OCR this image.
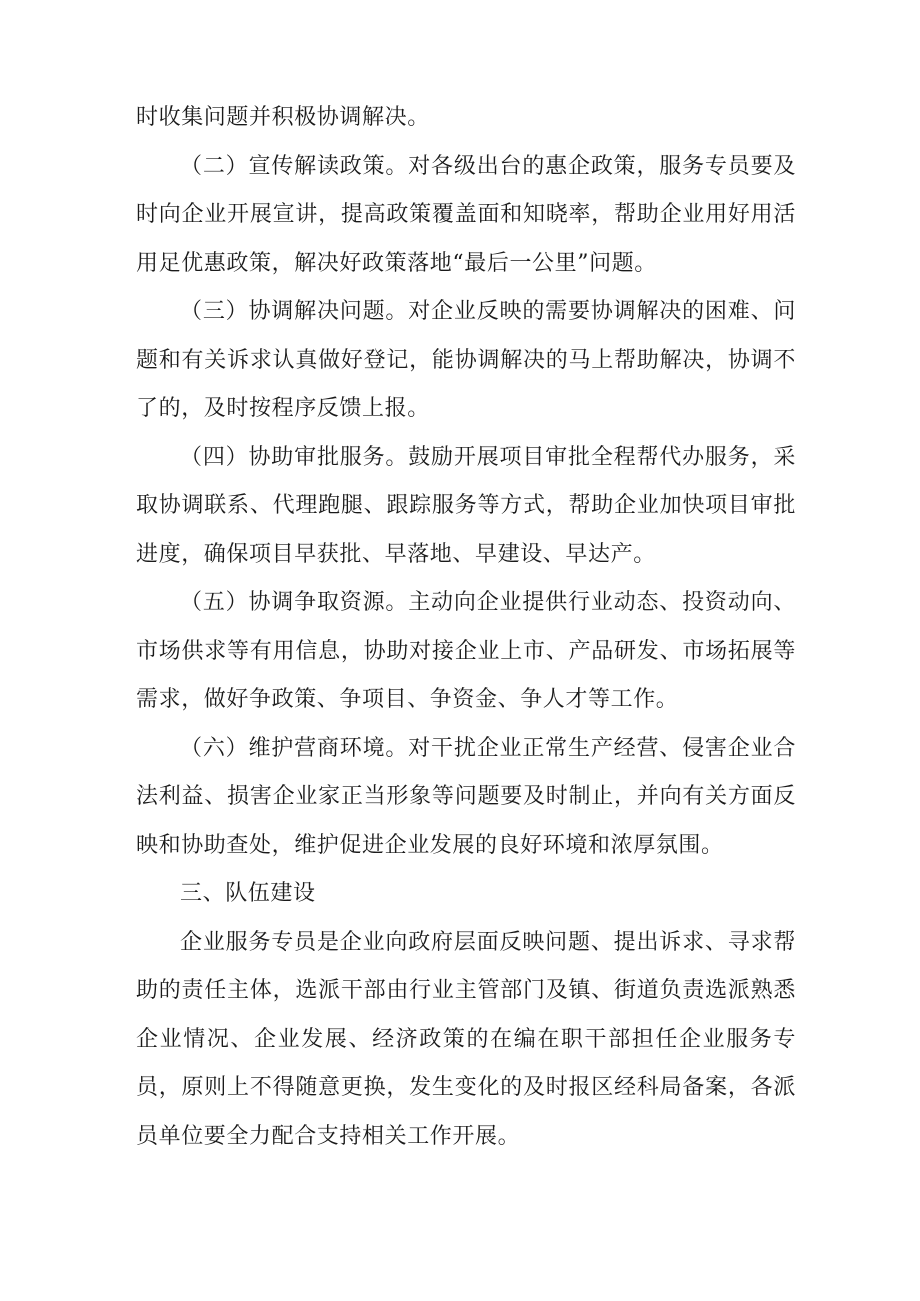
时收集问题并积极协调解决。

（二）宣传解读政策。对各级出台的惠企政策，服务专员要及时向企业开展宣讲，提高政策覆盖面和知晓率，帮助企业用好用活用足优惠政策，解决好政策落地“最后一公里”问题。

（三）协调解决问题。对企业反映的需要协调解决的困难、问题和有关诉求认真做好登记，能协调解决的马上帮助解决，协调不了的，及时按程序反馈上报。

（四）协助审批服务。鼓励开展项目审批全程帮代办服务，采取协调联系、代理跑腿、跟踪服务等方式，帮助企业加快项目审批进度，确保项目早获批、早落地、早建设、早达产。

（五）协调争取资源。主动向企业提供行业动态、投资动向、市场供求等有用信息，协助对接企业上市、产品研发、市场拓展等需求，做好争政策、争项目、争资金、争人才等工作。

（六）维护营商环境。对干扰企业正常生产经营、侵害企业合法利益、损害企业家正当形象等问题要及时制止，并向有关方面反映和协助查处，维护促进企业发展的良好环境和浓厚氛围。

三、队伍建设

企业服务专员是企业向政府层面反映问题、提出诉求、寻求帮助的责任主体，选派干部由行业主管部门及镇、街道负责选派熟悉企业情况、企业发展、经济政策的在编在职干部担任企业服务专员，原则上不得随意更换，发生变化的及时报区经科局备案，各派员单位要全力配合支持相关工作开展。
